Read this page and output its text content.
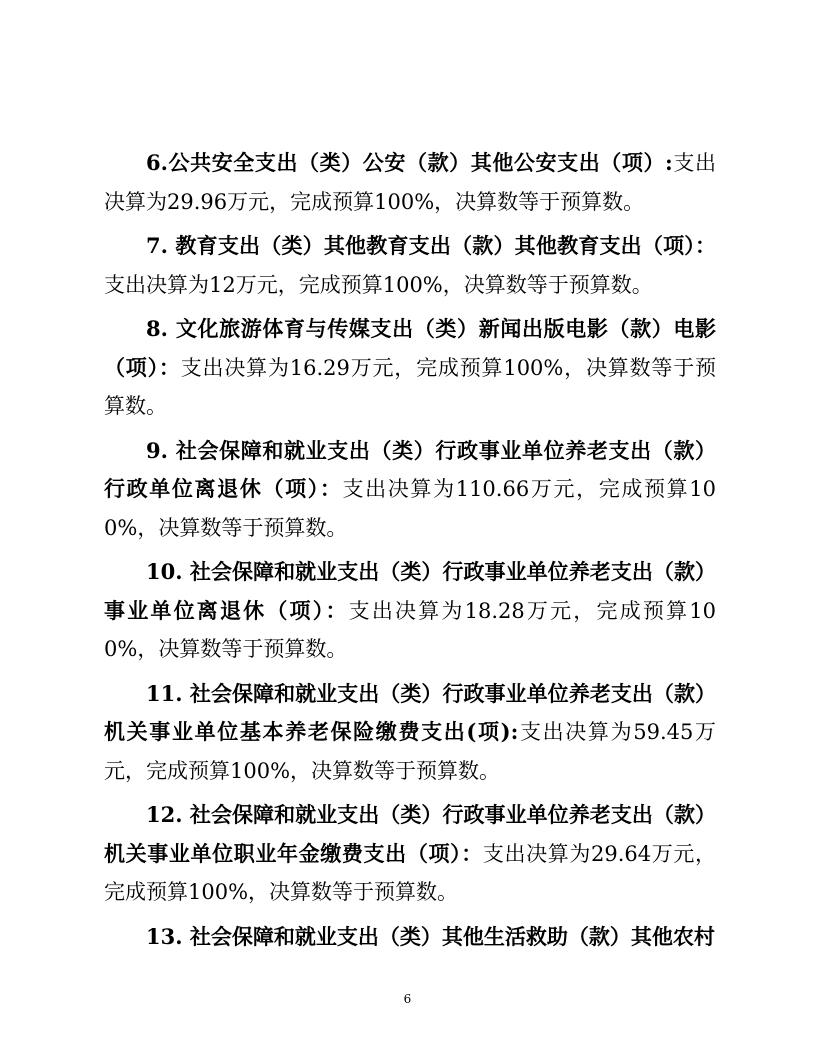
6.公共安全支出（类）公安（款）其他公安支出（项）:支出决算为29.96万元，完成预算100%，决算数等于预算数。

7. 教育支出（类）其他教育支出（款）其他教育支出（项）：支出决算为12万元，完成预算100%，决算数等于预算数。

8. 文化旅游体育与传媒支出（类）新闻出版电影（款）电影（项）：支出决算为16.29万元，完成预算100%，决算数等于预算数。

9. 社会保障和就业支出（类）行政事业单位养老支出（款）行政单位离退休（项）：支出决算为110.66万元，完成预算100%，决算数等于预算数。

10. 社会保障和就业支出（类）行政事业单位养老支出（款）事业单位离退休（项）：支出决算为18.28万元，完成预算100%，决算数等于预算数。

11. 社会保障和就业支出（类）行政事业单位养老支出（款）机关事业单位基本养老保险缴费支出(项):支出决算为59.45万元，完成预算100%，决算数等于预算数。

12. 社会保障和就业支出（类）行政事业单位养老支出（款）机关事业单位职业年金缴费支出（项）：支出决算为29.64万元，完成预算100%，决算数等于预算数。

13. 社会保障和就业支出（类）其他生活救助（款）其他农村

6
